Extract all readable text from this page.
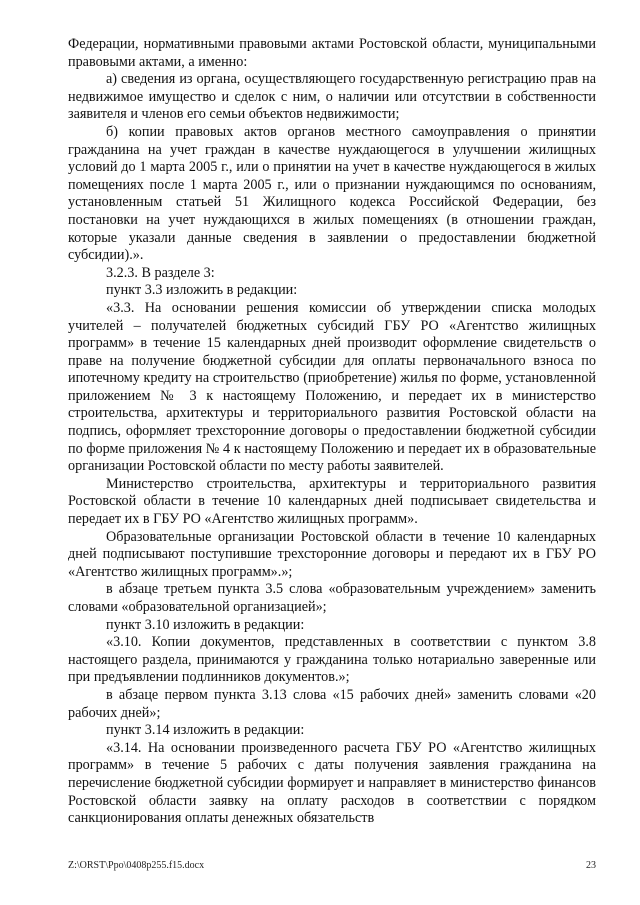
Федерации, нормативными правовыми актами Ростовской области, муниципальными правовыми актами, а именно:

а) сведения из органа, осуществляющего государственную регистрацию прав на недвижимое имущество и сделок с ним, о наличии или отсутствии в собственности заявителя и членов его семьи объектов недвижимости;

б) копии правовых актов органов местного самоуправления о принятии гражданина на учет граждан в качестве нуждающегося в улучшении жилищных условий до 1 марта 2005 г., или о принятии на учет в качестве нуждающегося в жилых помещениях после 1 марта 2005 г., или о признании нуждающимся по основаниям, установленным статьей 51 Жилищного кодекса Российской Федерации, без постановки на учет нуждающихся в жилых помещениях (в отношении граждан, которые указали данные сведения в заявлении о предоставлении бюджетной субсидии).».

3.2.3. В разделе 3:

пункт 3.3 изложить в редакции:

«3.3. На основании решения комиссии об утверждении списка молодых учителей – получателей бюджетных субсидий ГБУ РО «Агентство жилищных программ» в течение 15 календарных дней производит оформление свидетельств о праве на получение бюджетной субсидии для оплаты первоначального взноса по ипотечному кредиту на строительство (приобретение) жилья по форме, установленной приложением № 3 к настоящему Положению, и передает их в министерство строительства, архитектуры и территориального развития Ростовской области на подпись, оформляет трехсторонние договоры о предоставлении бюджетной субсидии по форме приложения № 4 к настоящему Положению и передает их в образовательные организации Ростовской области по месту работы заявителей.

Министерство строительства, архитектуры и территориального развития Ростовской области в течение 10 календарных дней подписывает свидетельства и передает их в ГБУ РО «Агентство жилищных программ».

Образовательные организации Ростовской области в течение 10 календарных дней подписывают поступившие трехсторонние договоры и передают их в ГБУ РО «Агентство жилищных программ».»;

в абзаце третьем пункта 3.5 слова «образовательным учреждением» заменить словами «образовательной организацией»;

пункт 3.10 изложить в редакции:

«3.10. Копии документов, представленных в соответствии с пунктом 3.8 настоящего раздела, принимаются у гражданина только нотариально заверенные или при предъявлении подлинников документов.»;

в абзаце первом пункта 3.13 слова «15 рабочих дней» заменить словами «20 рабочих дней»;

пункт 3.14 изложить в редакции:

«3.14. На основании произведенного расчета ГБУ РО «Агентство жилищных программ» в течение 5 рабочих с даты получения заявления гражданина на перечисление бюджетной субсидии формирует и направляет в министерство финансов Ростовской области заявку на оплату расходов в соответствии с порядком санкционирования оплаты денежных обязательств

Z:\ORST\Ppo\0408p255.f15.docx	23
